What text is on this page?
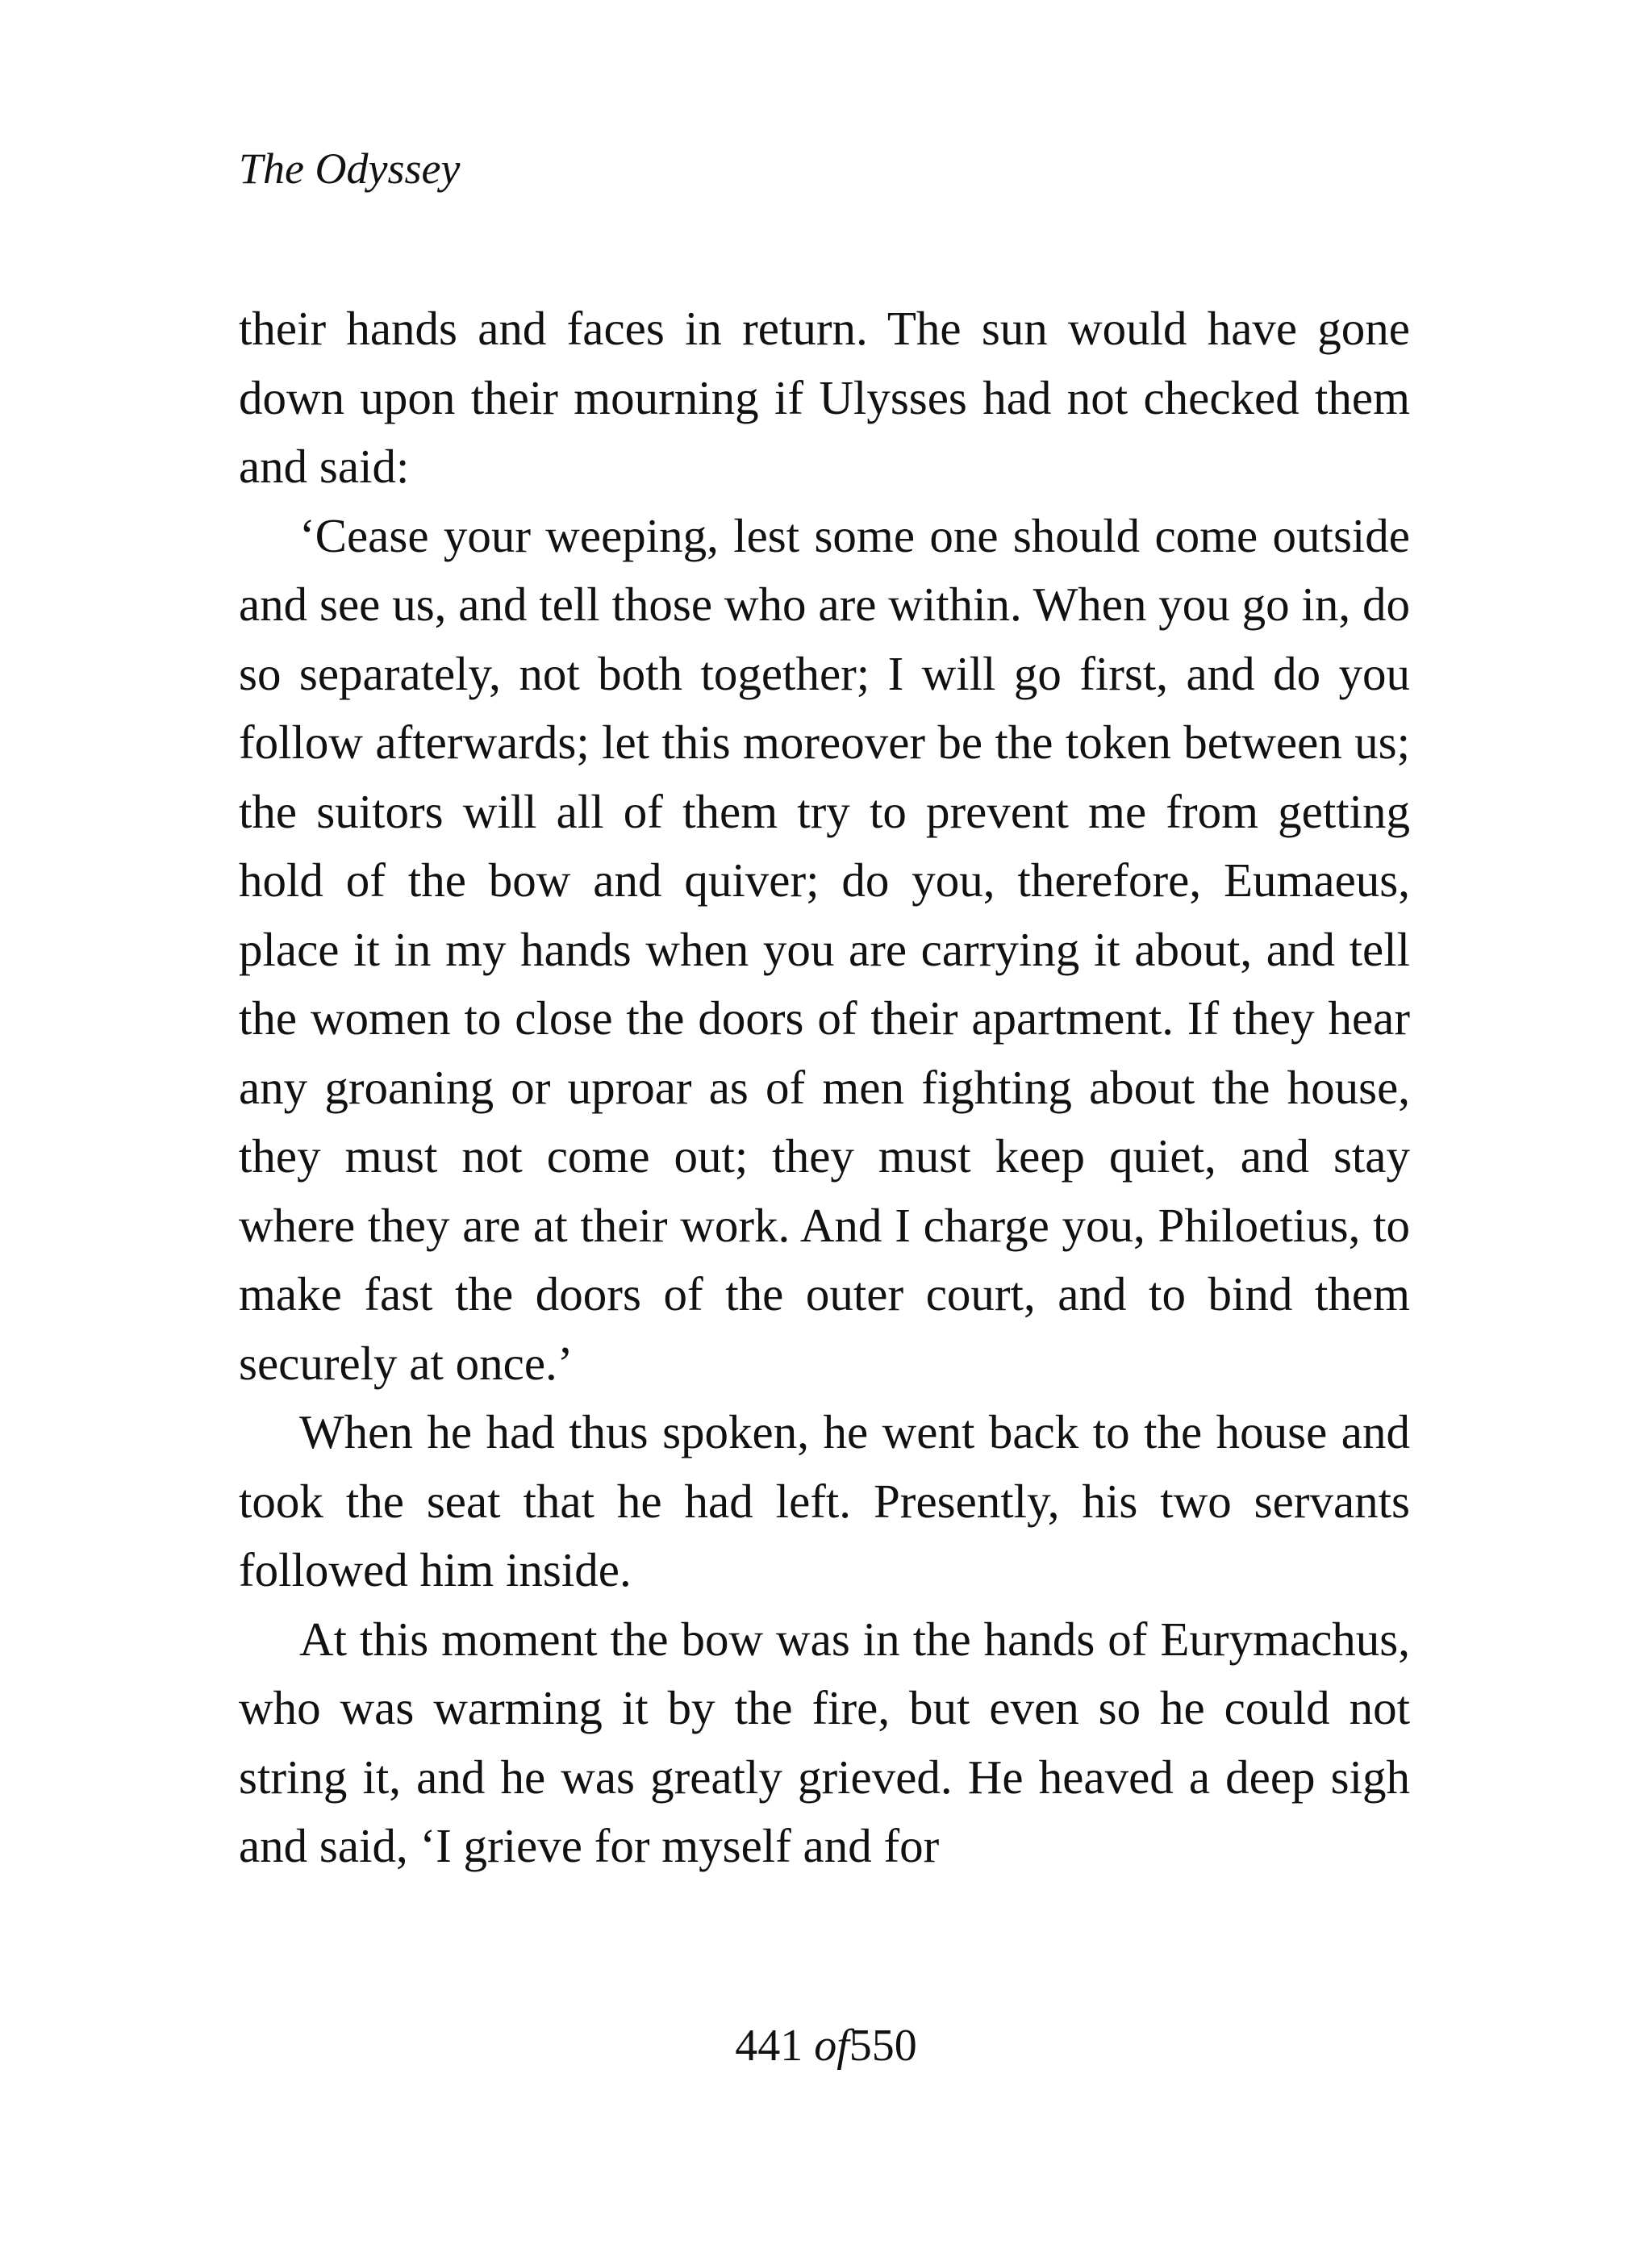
The Odyssey

their hands and faces in return. The sun would have gone down upon their mourning if Ulysses had not checked them and said:

‘Cease your weeping, lest some one should come outside and see us, and tell those who are within. When you go in, do so separately, not both together; I will go first, and do you follow afterwards; let this moreover be the token between us; the suitors will all of them try to prevent me from getting hold of the bow and quiver; do you, therefore, Eumaeus, place it in my hands when you are carrying it about, and tell the women to close the doors of their apartment. If they hear any groaning or uproar as of men fighting about the house, they must not come out; they must keep quiet, and stay where they are at their work. And I charge you, Philoetius, to make fast the doors of the outer court, and to bind them securely at once.’

When he had thus spoken, he went back to the house and took the seat that he had left. Presently, his two servants followed him inside.

At this moment the bow was in the hands of Eurymachus, who was warming it by the fire, but even so he could not string it, and he was greatly grieved. He heaved a deep sigh and said, ‘I grieve for myself and for

441 of550
